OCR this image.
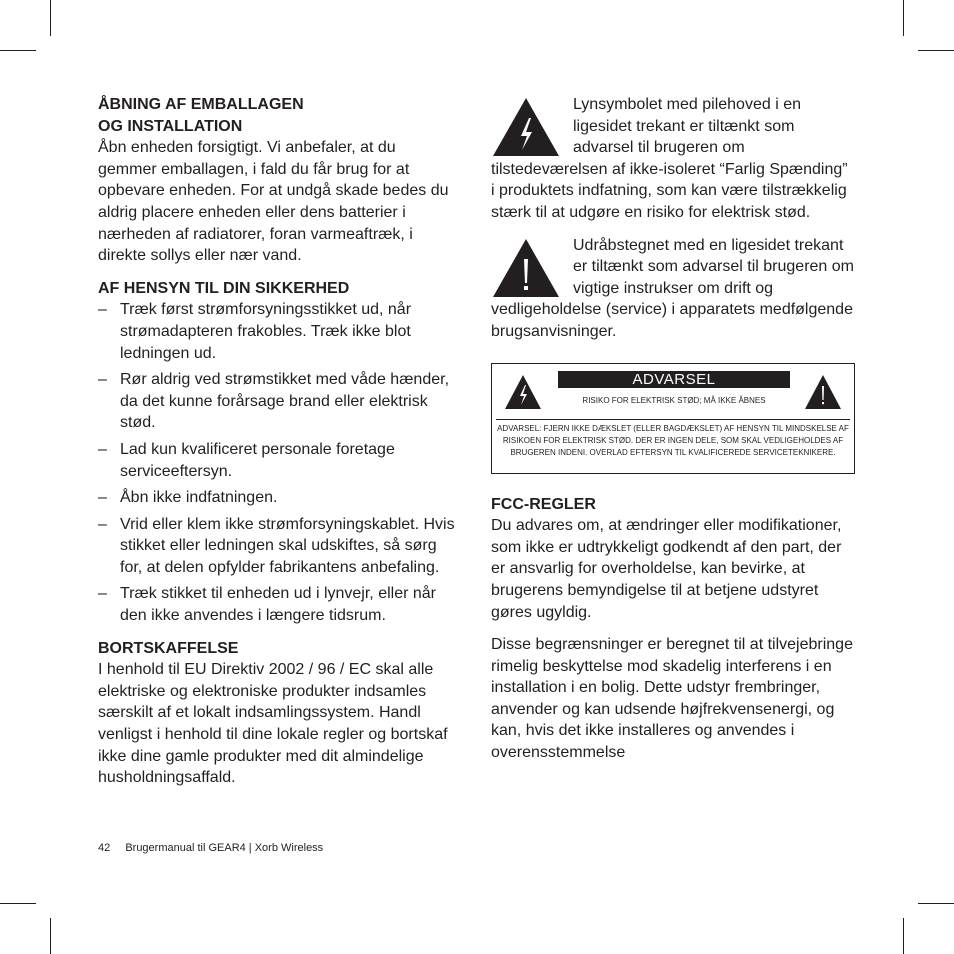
ÅBNING AF EMBALLAGEN
OG INSTALLATION

Åbn enheden forsigtigt. Vi anbefaler, at du gemmer emballagen, i fald du får brug for at opbevare enheden. For at undgå skade bedes du aldrig placere enheden eller dens batterier i nærheden af radiatorer, foran varmeaftræk, i direkte sollys eller nær vand.

AF HENSYN TIL DIN SIKKERHED
– Træk først strømforsyningsstikket ud, når strømadapteren frakobles. Træk ikke blot ledningen ud.
– Rør aldrig ved strømstikket med våde hænder, da det kunne forårsage brand eller elektrisk stød.
– Lad kun kvalificeret personale foretage serviceeftersyn.
– Åbn ikke indfatningen.
– Vrid eller klem ikke strømforsyningskablet. Hvis stikket eller ledningen skal udskiftes, så sørg for, at delen opfylder fabrikantens anbefaling.
– Træk stikket til enheden ud i lynvejr, eller når den ikke anvendes i længere tidsrum.
BORTSKAFFELSE

I henhold til EU Direktiv 2002 / 96 / EC skal alle elektriske og elektroniske produkter indsamles særskilt af et lokalt indsamlingssystem. Handl venligst i henhold til dine lokale regler og bortskaf ikke dine gamle produkter med dit almindelige husholdningsaffald.

Lynsymbolet med pilehoved i en ligesidet trekant er tiltænkt som advarsel til brugeren om tilstedeværelsen af ikke-isoleret “Farlig Spænding” i produktets indfatning, som kan være tilstrækkelig stærk til at udgøre en risiko for elektrisk stød.

Udråbstegnet med en ligesidet trekant er tiltænkt som advarsel til brugeren om vigtige instrukser om drift og vedligeholdelse (service) i apparatets medfølgende brugsanvisninger.

ADVARSEL
RISIKO FOR ELEKTRISK STØD; MÅ IKKE ÅBNES
ADVARSEL: FJERN IKKE DÆKSLET (ELLER BAGDÆKSLET) AF HENSYN TIL MINDSKELSE AF RISIKOEN FOR ELEKTRISK STØD. DER ER INGEN DELE, SOM SKAL VEDLIGEHOLDES AF BRUGEREN INDENI. OVERLAD EFTERSYN TIL KVALIFICEREDE SERVICETEKNIKERE.
FCC-REGLER

Du advares om, at ændringer eller modifikationer, som ikke er udtrykkeligt godkendt af den part, der er ansvarlig for overholdelse, kan bevirke, at brugerens bemyndigelse til at betjene udstyret gøres ugyldig.

Disse begrænsninger er beregnet til at tilvejebringe rimelig beskyttelse mod skadelig interferens i en installation i en bolig. Dette udstyr frembringer, anvender og kan udsende højfrekvensenergi, og kan, hvis det ikke installeres og anvendes i overensstemmelse

42 Brugermanual til GEAR4 | Xorb Wireless
